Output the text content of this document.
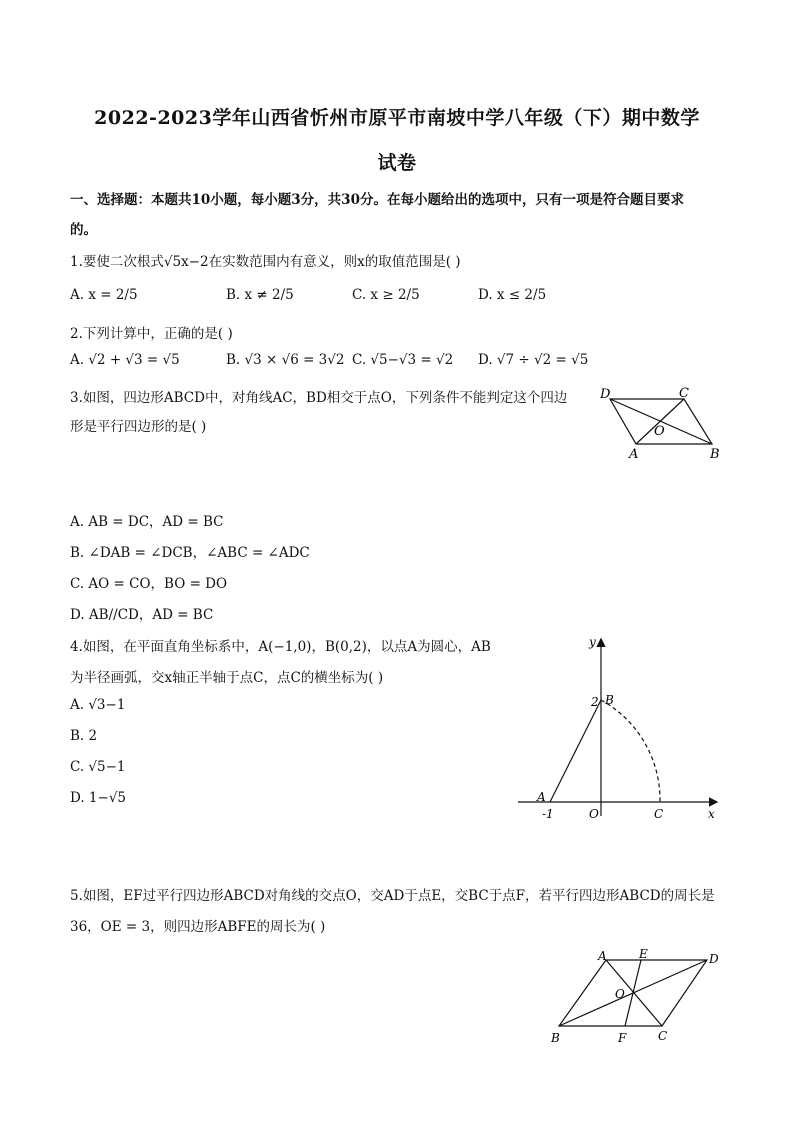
2022-2023学年山西省忻州市原平市南坡中学八年级（下）期中数学
试卷
一、选择题：本题共10小题，每小题3分，共30分。在每小题给出的选项中，只有一项是符合题目要求
的。
1.要使二次根式√5x−2在实数范围内有意义，则x的取值范围是( )
A. x = 2/5	B. x ≠ 2/5	C. x ≥ 2/5	D. x ≤ 2/5
2.下列计算中，正确的是( )
A. √2 + √3 = √5	B. √3 × √6 = 3√2 C. √5−√3 = √2 D. √7 ÷ √2 = √5
3.如图，四边形ABCD中，对角线AC，BD相交于点O，下列条件不能判定这个四边
形是平行四边形的是( )
D	C
O
A	B
A. AB = DC，AD = BC
B. ∠DAB = ∠DCB，∠ABC = ∠ADC
C. AO = CO，BO = DO
D. AB//CD，AD = BC
4.如图，在平面直角坐标系中，A(−1,0)，B(0,2)，以点A为圆心，AB
为半径画弧，交x轴正半轴于点C，点C的横坐标为( )
A. √3−1
B. 2
C. √5−1
D. 1−√5
y
x
2 B
A
-1	O	C
5.如图，EF过平行四边形ABCD对角线的交点O，交AD于点E，交BC于点F，若平行四边形ABCD的周长是
36，OE = 3，则四边形ABFE的周长为( )
A	E	D
O
B	F	C
